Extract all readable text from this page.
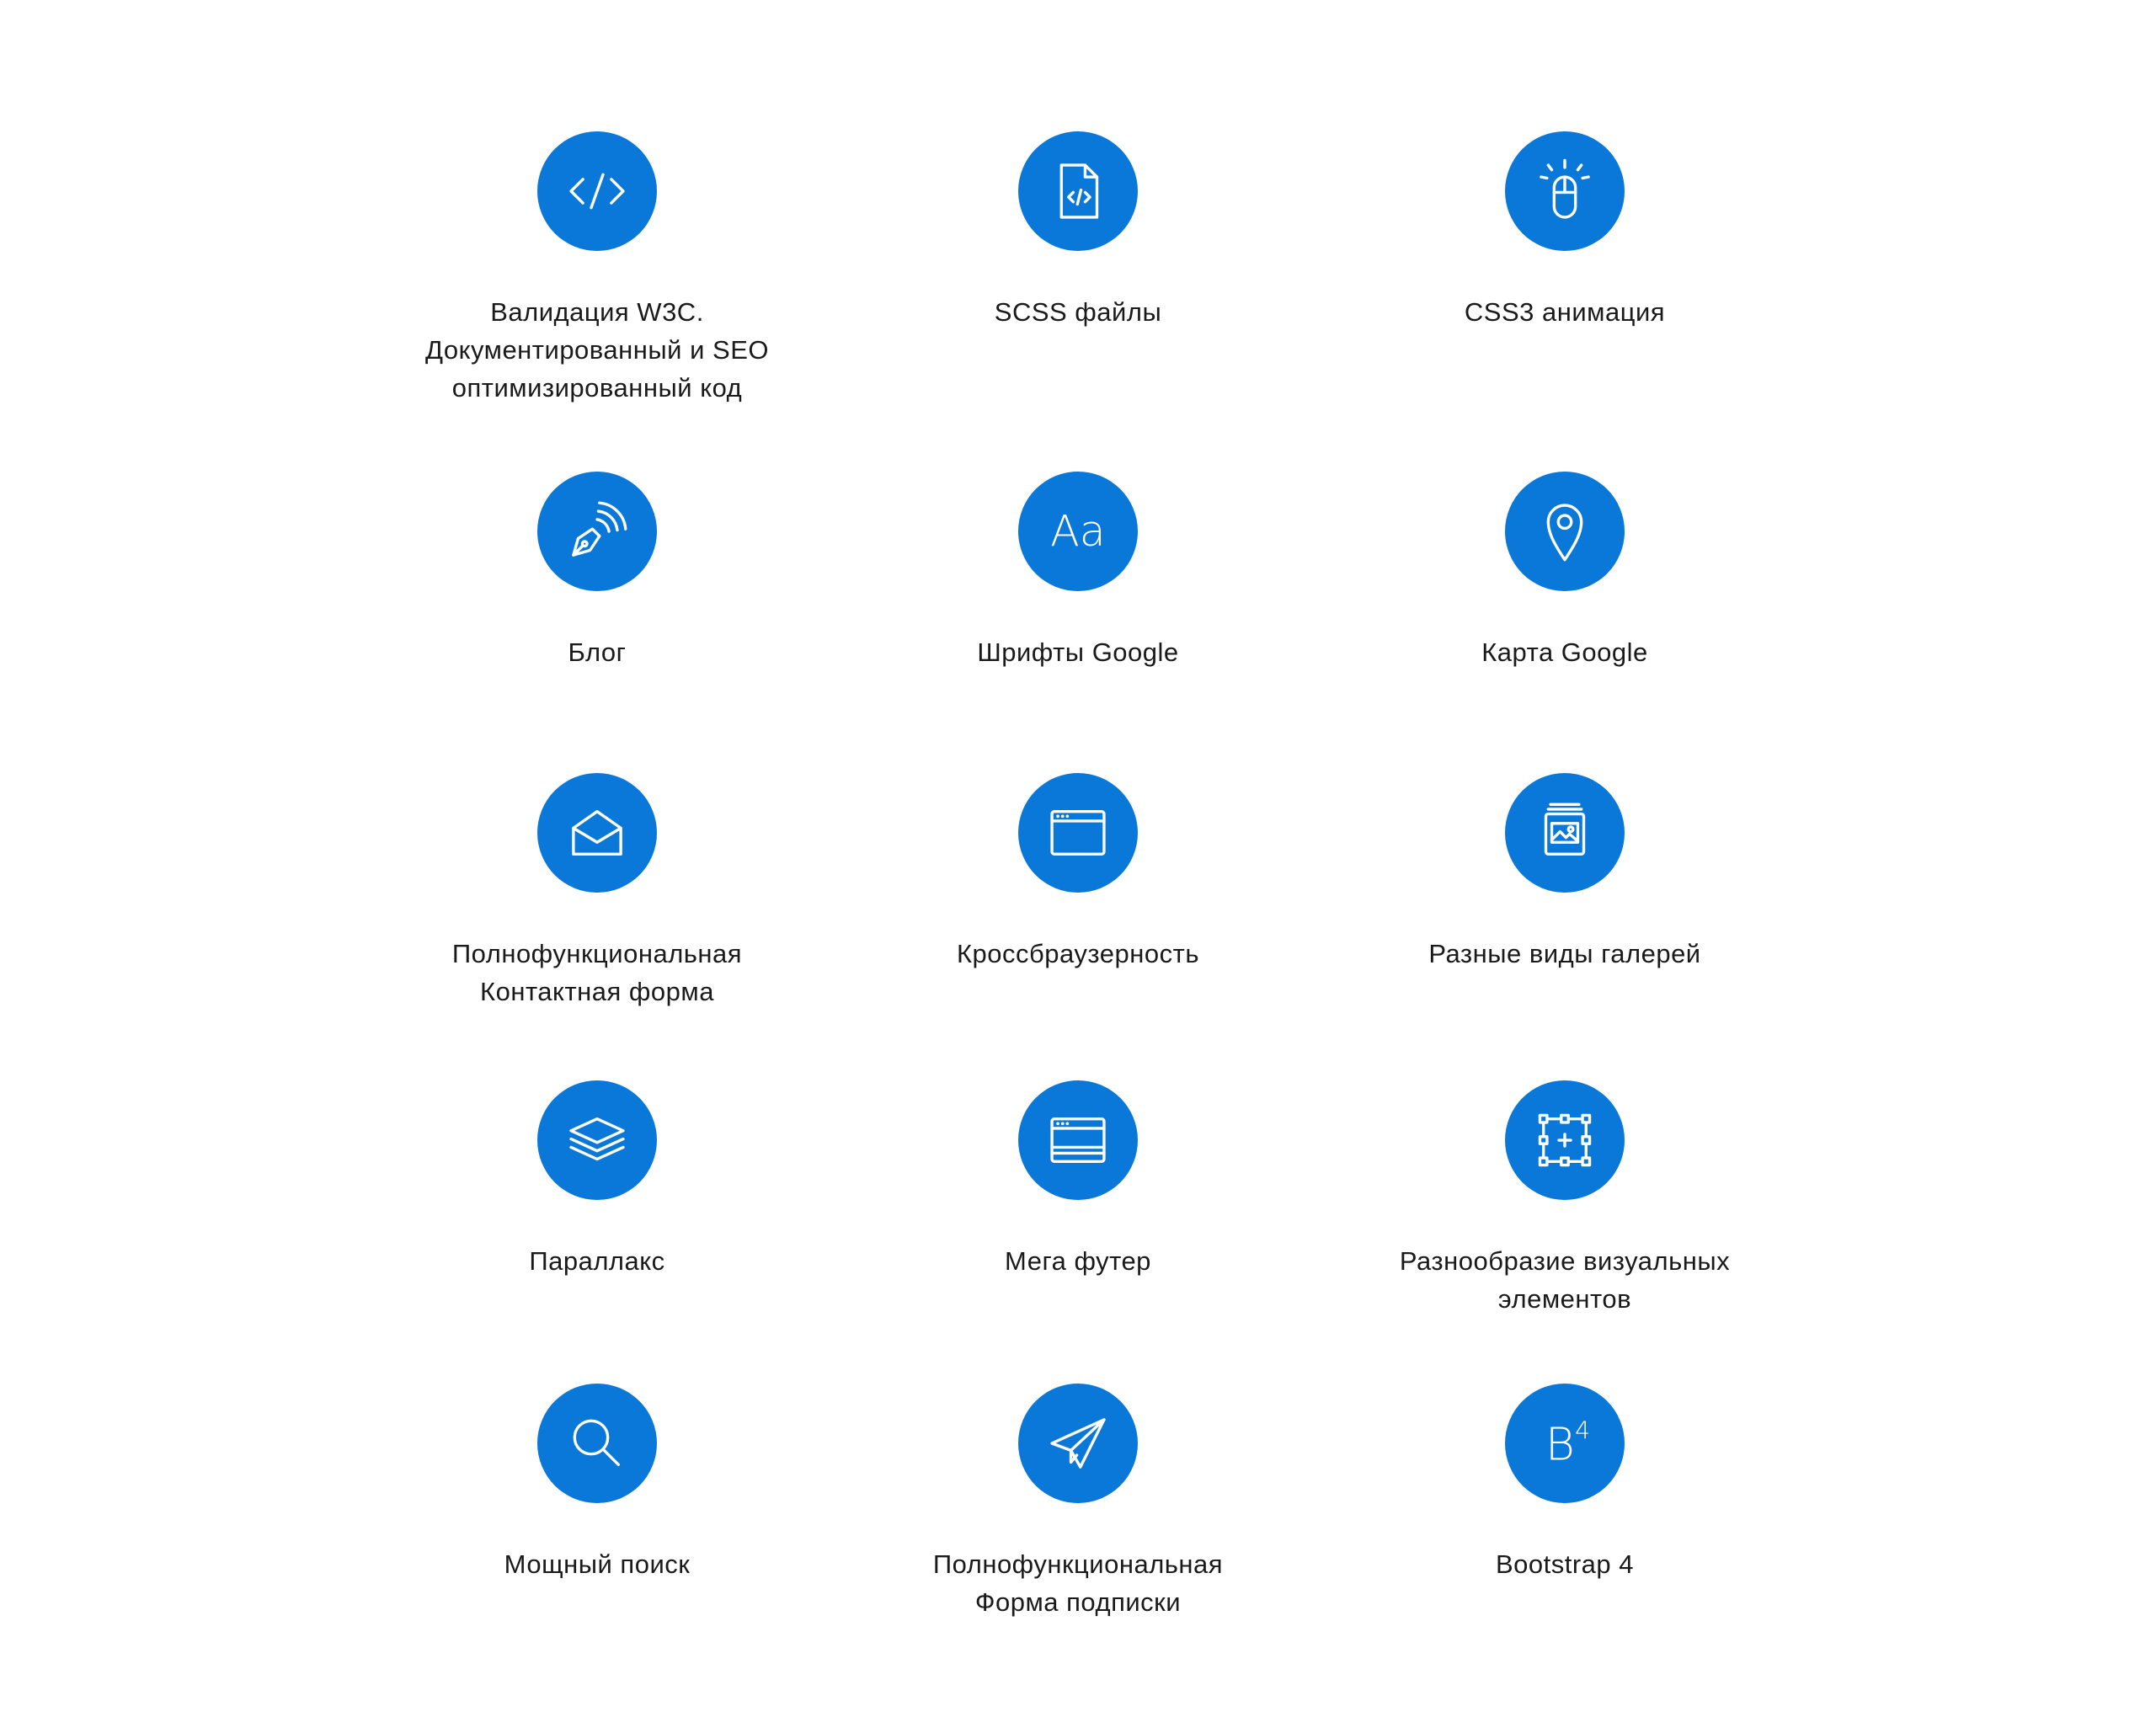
Валидация W3C.
Документированный и SEO
оптимизированный код
SCSS файлы	CSS3 анимация
Блог
Aa
Шрифты Google	Карта Google
Полнофункциональная
Контактная форма
Кроссбраузерность	Разные виды галерей
Параллакс	Мега футер	Разнообразие визуальных
элементов
Мощный поиск	Полнофункциональная
Форма подписки
B 4
Bootstrap 4
